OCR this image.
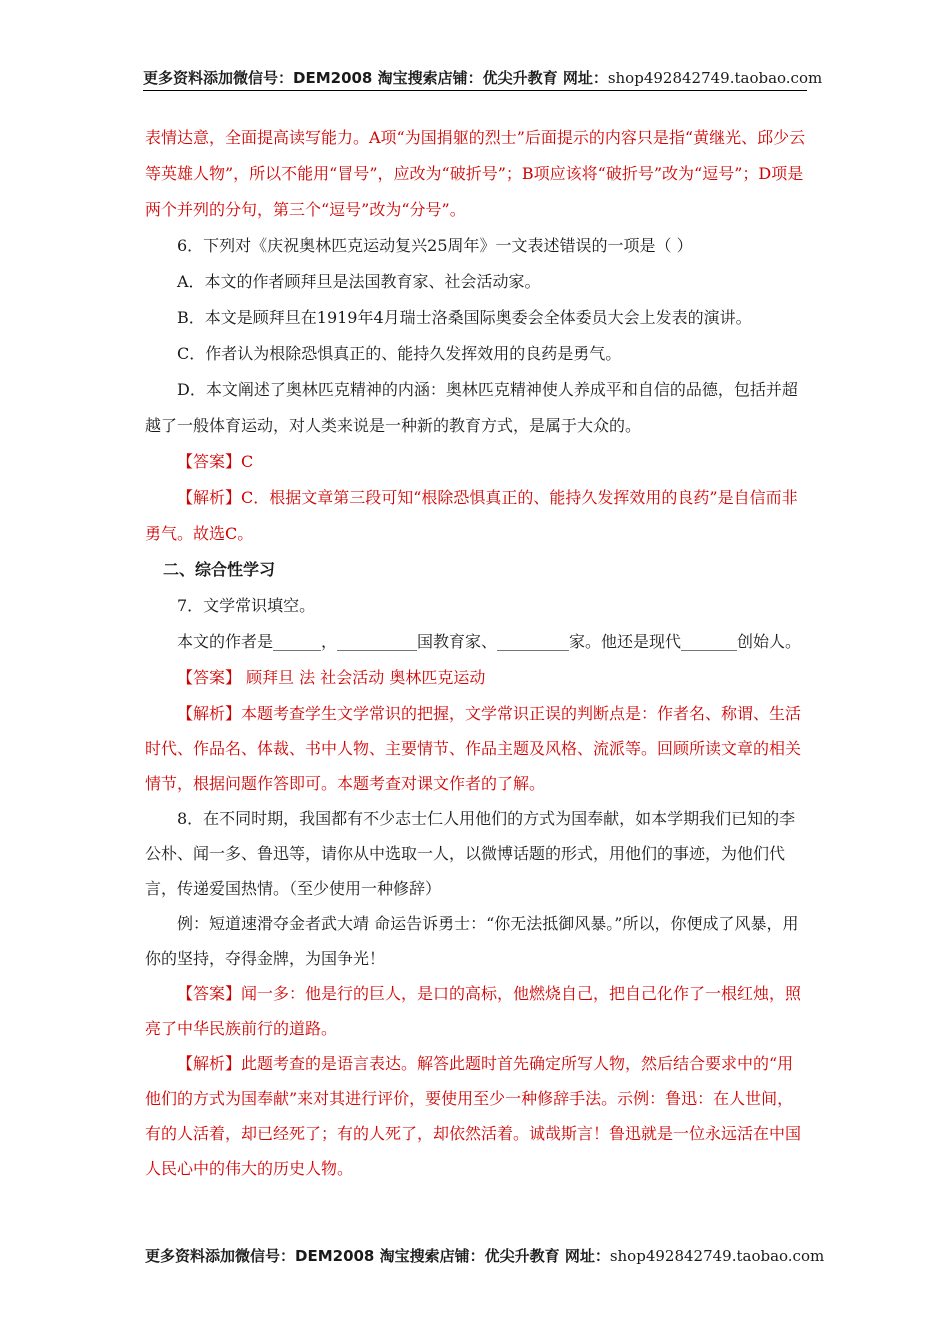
更多资料添加微信号：DEM2008 淘宝搜索店铺：优尖升教育 网址：shop492842749.taobao.com

表情达意，全面提高读写能力。A项“为国捐躯的烈士”后面提示的内容只是指“黄继光、邱少云等英雄人物”，所以不能用“冒号”，应改为“破折号”；B项应该将“破折号”改为“逗号”；D项是两个并列的分句，第三个“逗号”改为“分号”。

6．下列对《庆祝奥林匹克运动复兴25周年》一文表述错误的一项是（ ）

A．本文的作者顾拜旦是法国教育家、社会活动家。

B．本文是顾拜旦在1919年4月瑞士洛桑国际奥委会全体委员大会上发表的演讲。

C．作者认为根除恐惧真正的、能持久发挥效用的良药是勇气。

D．本文阐述了奥林匹克精神的内涵：奥林匹克精神使人养成平和自信的品德，包括并超越了一般体育运动，对人类来说是一种新的教育方式，是属于大众的。

【答案】C

【解析】C．根据文章第三段可知“根除恐惧真正的、能持久发挥效用的良药”是自信而非勇气。故选C。

二、综合性学习

7．文学常识填空。

本文的作者是______，__________国教育家、_________家。他还是现代_______创始人。

【答案】 顾拜旦 法 社会活动 奥林匹克运动

【解析】本题考查学生文学常识的把握，文学常识正误的判断点是：作者名、称谓、生活时代、作品名、体裁、书中人物、主要情节、作品主题及风格、流派等。回顾所读文章的相关情节，根据问题作答即可。本题考查对课文作者的了解。

8．在不同时期，我国都有不少志士仁人用他们的方式为国奉献，如本学期我们已知的李公朴、闻一多、鲁迅等，请你从中选取一人，以微博话题的形式，用他们的事迹，为他们代言，传递爱国热情。（至少使用一种修辞）

例：短道速滑夺金者武大靖 命运告诉勇士：“你无法抵御风暴。”所以，你便成了风暴，用你的坚持，夺得金牌，为国争光！

【答案】闻一多：他是行的巨人，是口的高标，他燃烧自己，把自己化作了一根红烛，照亮了中华民族前行的道路。

【解析】此题考查的是语言表达。解答此题时首先确定所写人物，然后结合要求中的“用他们的方式为国奉献”来对其进行评价，要使用至少一种修辞手法。示例：鲁迅：在人世间，有的人活着，却已经死了；有的人死了，却依然活着。诚哉斯言！鲁迅就是一位永远活在中国人民心中的伟大的历史人物。

更多资料添加微信号：DEM2008 淘宝搜索店铺：优尖升教育 网址：shop492842749.taobao.com
